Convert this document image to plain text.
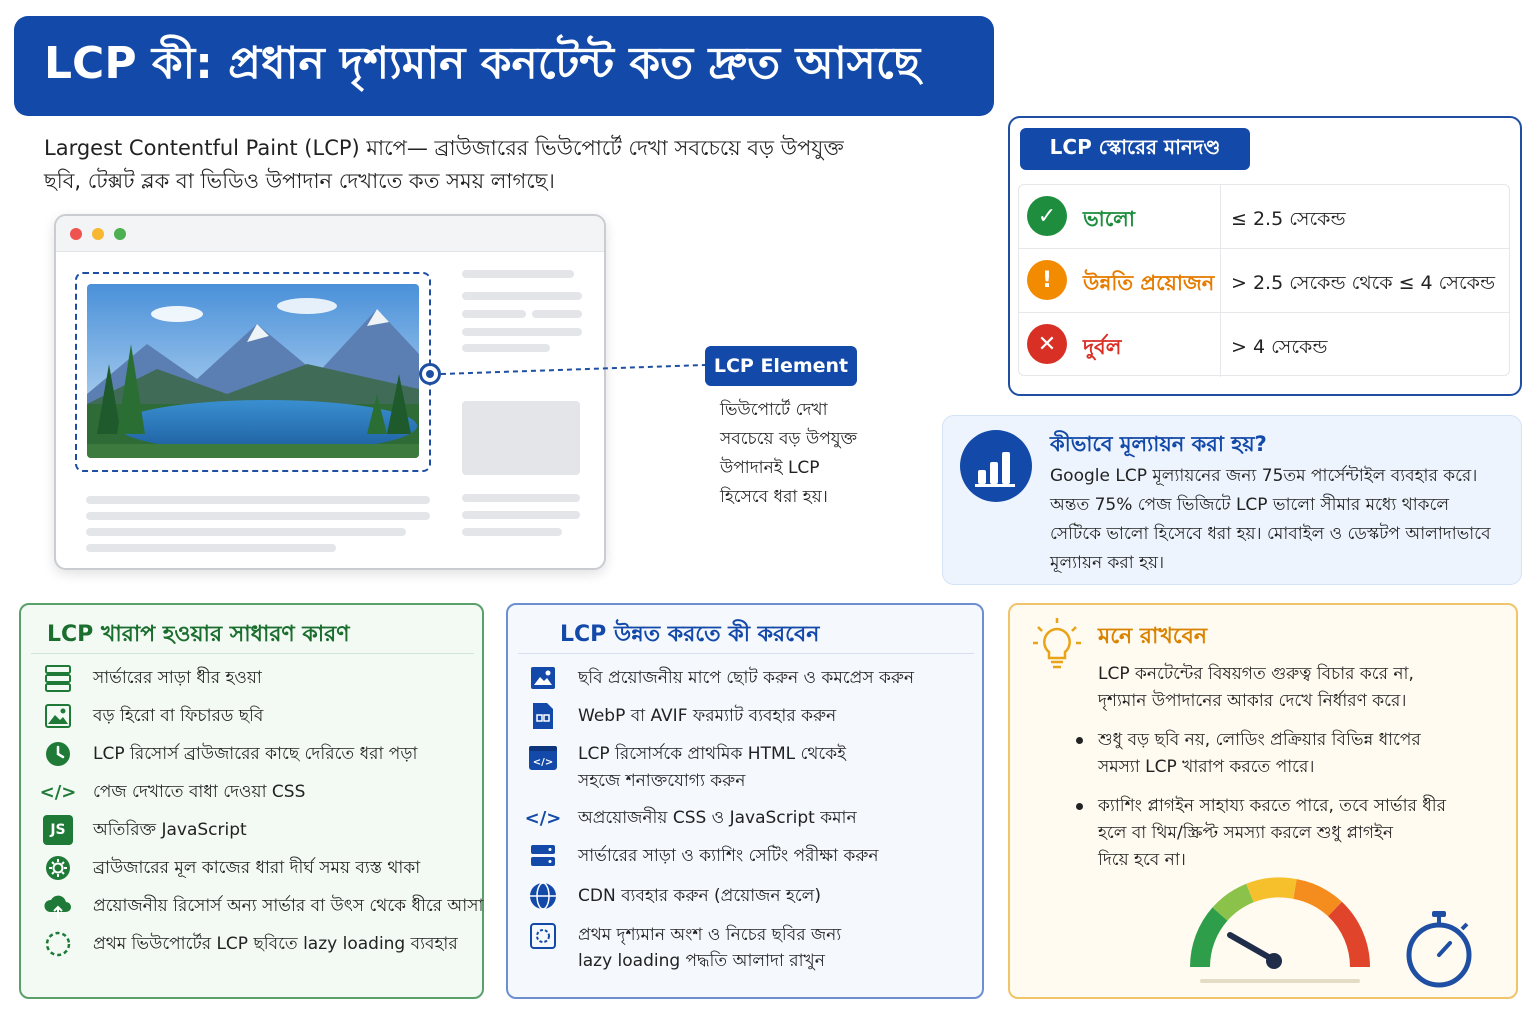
LCP কী: প্রধান দৃশ্যমান কনটেন্ট কত দ্রুত আসছে
Largest Contentful Paint (LCP) মাপে— ব্রাউজারের ভিউপোর্টে দেখা সবচেয়ে বড় উপযুক্ত
ছবি, টেক্সট ব্লক বা ভিডিও উপাদান দেখাতে কত সময় লাগছে।
LCP Element
ভিউপোর্টে দেখা
সবচেয়ে বড় উপযুক্ত
উপাদানই LCP
হিসেবে ধরা হয়।
LCP স্কোরের মানদণ্ড
✓	ভালো	≤ 2.5 সেকেন্ড
!	উন্নতি প্রয়োজন > 2.5 সেকেন্ড থেকে ≤ 4 সেকেন্ড
✕	দুর্বল	> 4 সেকেন্ড
কীভাবে মূল্যায়ন করা হয়?
Google LCP মূল্যায়নের জন্য 75তম পার্সেন্টাইল ব্যবহার করে।
অন্তত 75% পেজ ভিজিটে LCP ভালো সীমার মধ্যে থাকলে
সেটিকে ভালো হিসেবে ধরা হয়। মোবাইল ও ডেস্কটপ আলাদাভাবে
মূল্যায়ন করা হয়।
LCP খারাপ হওয়ার সাধারণ কারণ
সার্ভারের সাড়া ধীর হওয়া
বড় হিরো বা ফিচারড ছবি
LCP রিসোর্স ব্রাউজারের কাছে দেরিতে ধরা পড়া
</> পেজ দেখাতে বাধা দেওয়া CSS
JS	অতিরিক্ত JavaScript
ব্রাউজারের মূল কাজের ধারা দীর্ঘ সময় ব্যস্ত থাকা
প্রয়োজনীয় রিসোর্স অন্য সার্ভার বা উৎস থেকে ধীরে আসা
প্রথম ভিউপোর্টের LCP ছবিতে lazy loading ব্যবহার
LCP উন্নত করতে কী করবেন
ছবি প্রয়োজনীয় মাপে ছোট করুন ও কমপ্রেস করুন
WebP বা AVIF ফরম্যাট ব্যবহার করুন
</> LCP রিসোর্সকে প্রাথমিক HTML থেকেই
সহজে শনাক্তযোগ্য করুন
</> অপ্রয়োজনীয় CSS ও JavaScript কমান
সার্ভারের সাড়া ও ক্যাশিং সেটিং পরীক্ষা করুন
CDN ব্যবহার করুন (প্রয়োজন হলে)
প্রথম দৃশ্যমান অংশ ও নিচের ছবির জন্য
lazy loading পদ্ধতি আলাদা রাখুন
মনে রাখবেন
LCP কনটেন্টের বিষয়গত গুরুত্ব বিচার করে না,
দৃশ্যমান উপাদানের আকার দেখে নির্ধারণ করে।
শুধু বড় ছবি নয়, লোডিং প্রক্রিয়ার বিভিন্ন ধাপের
সমস্যা LCP খারাপ করতে পারে।
ক্যাশিং প্লাগইন সাহায্য করতে পারে, তবে সার্ভার ধীর
হলে বা থিম/স্ক্রিপ্ট সমস্যা করলে শুধু প্লাগইন
দিয়ে হবে না।
